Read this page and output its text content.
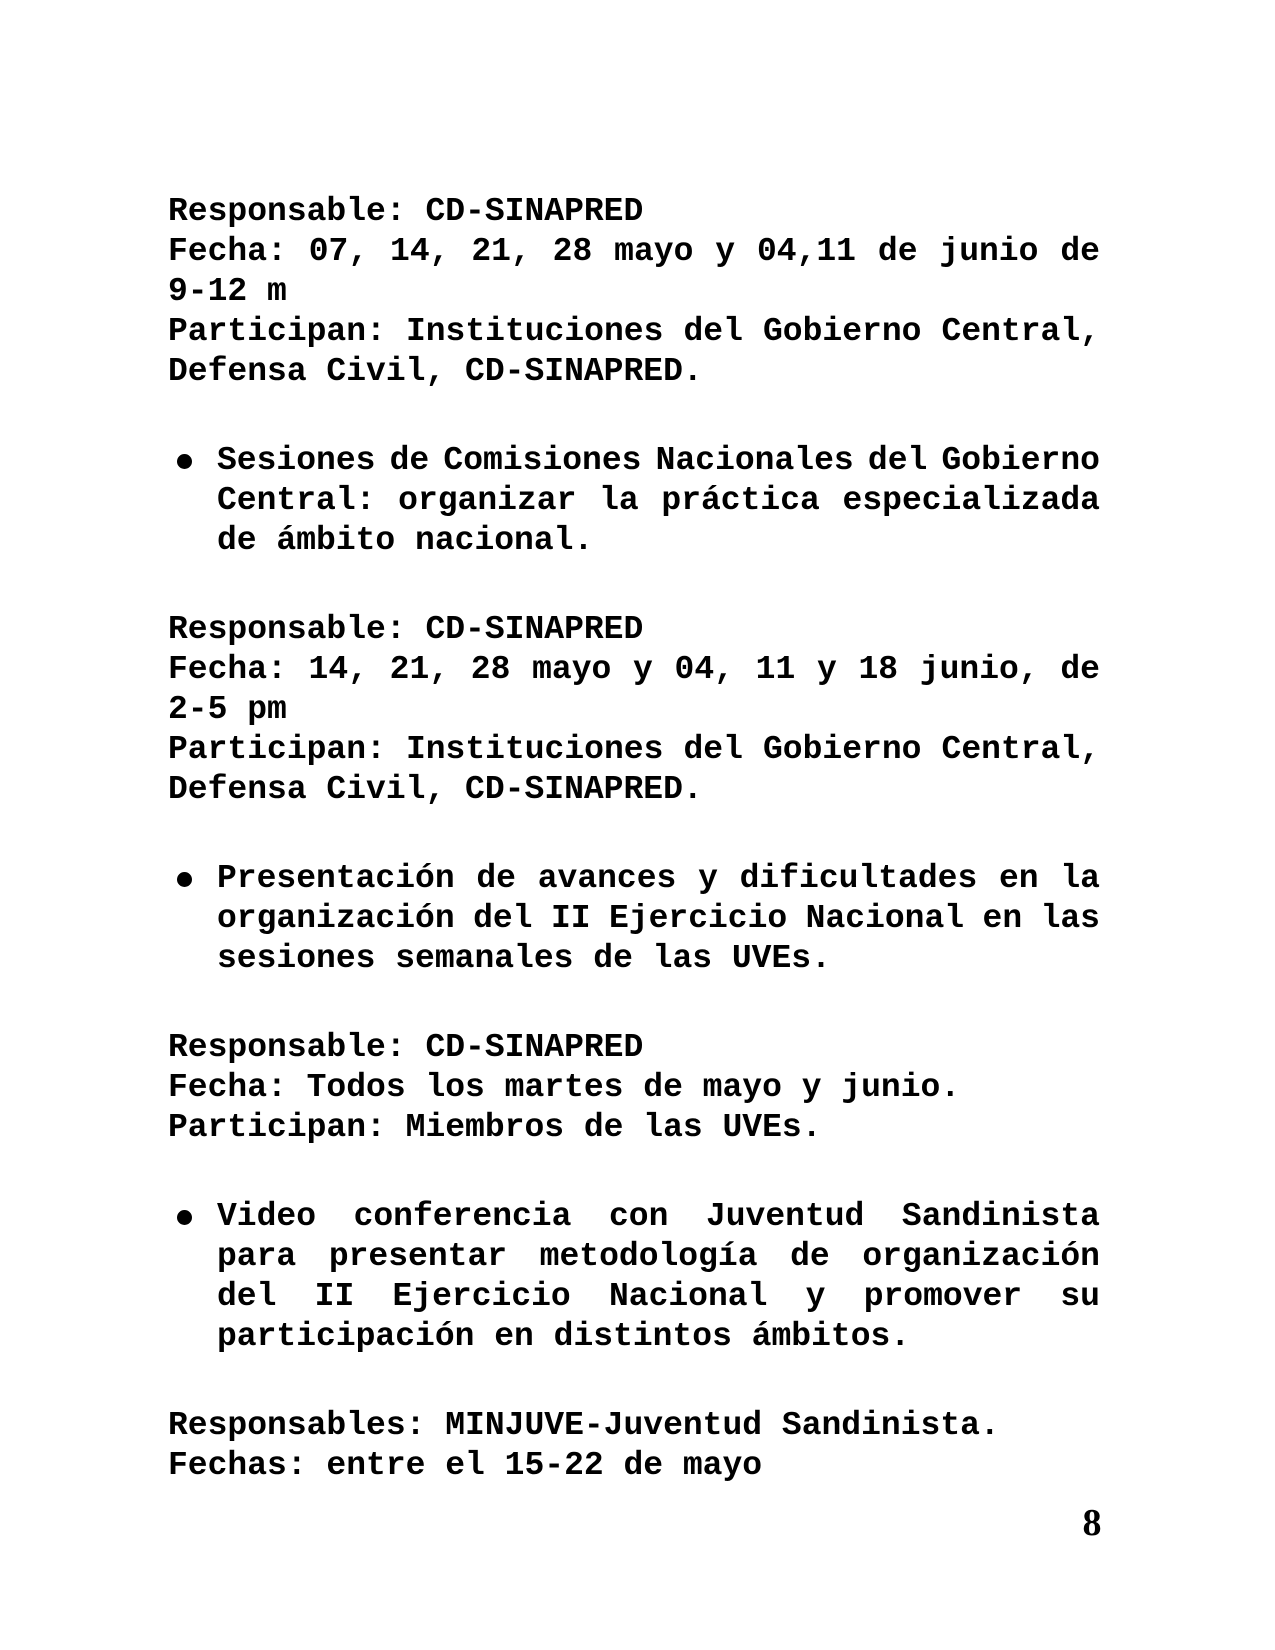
Responsable: CD-SINAPRED
Fecha: 07, 14, 21, 28 mayo y 04,11 de junio de
9-12 m
Participan: Instituciones del Gobierno Central,
Defensa Civil, CD-SINAPRED.
Sesiones de Comisiones Nacionales del Gobierno
Central: organizar la práctica especializada
de ámbito nacional.
Responsable: CD-SINAPRED
Fecha: 14, 21, 28 mayo y 04, 11 y 18 junio, de
2-5 pm
Participan: Instituciones del Gobierno Central,
Defensa Civil, CD-SINAPRED.
Presentación de avances y dificultades en la
organización del II Ejercicio Nacional en las
sesiones semanales de las UVEs.
Responsable: CD-SINAPRED
Fecha: Todos los martes de mayo y junio.
Participan: Miembros de las UVEs.
Video conferencia con Juventud Sandinista
para presentar metodología de organización
del II Ejercicio Nacional y promover su
participación en distintos ámbitos.
Responsables: MINJUVE-Juventud Sandinista.
Fechas: entre el 15-22 de mayo
8
